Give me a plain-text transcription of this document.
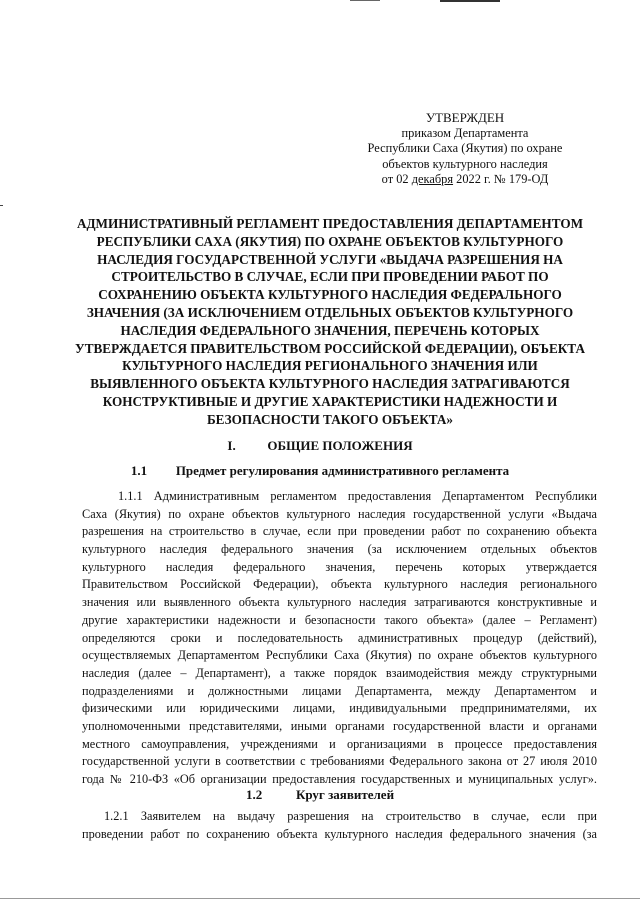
УТВЕРЖДЕН
приказом Департамента
Республики Саха (Якутия) по охране
объектов культурного наследия
от 02 декабря 2022 г. № 179-ОД
АДМИНИСТРАТИВНЫЙ РЕГЛАМЕНТ ПРЕДОСТАВЛЕНИЯ ДЕПАРТАМЕНТОМ
РЕСПУБЛИКИ САХА (ЯКУТИЯ) ПО ОХРАНЕ ОБЪЕКТОВ КУЛЬТУРНОГО
НАСЛЕДИЯ ГОСУДАРСТВЕННОЙ УСЛУГИ «ВЫДАЧА РАЗРЕШЕНИЯ НА
СТРОИТЕЛЬСТВО В СЛУЧАЕ, ЕСЛИ ПРИ ПРОВЕДЕНИИ РАБОТ ПО
СОХРАНЕНИЮ ОБЪЕКТА КУЛЬТУРНОГО НАСЛЕДИЯ ФЕДЕРАЛЬНОГО
ЗНАЧЕНИЯ (ЗА ИСКЛЮЧЕНИЕМ ОТДЕЛЬНЫХ ОБЪЕКТОВ КУЛЬТУРНОГО
НАСЛЕДИЯ ФЕДЕРАЛЬНОГО ЗНАЧЕНИЯ, ПЕРЕЧЕНЬ КОТОРЫХ
УТВЕРЖДАЕТСЯ ПРАВИТЕЛЬСТВОМ РОССИЙСКОЙ ФЕДЕРАЦИИ), ОБЪЕКТА
КУЛЬТУРНОГО НАСЛЕДИЯ РЕГИОНАЛЬНОГО ЗНАЧЕНИЯ ИЛИ
ВЫЯВЛЕННОГО ОБЪЕКТА КУЛЬТУРНОГО НАСЛЕДИЯ ЗАТРАГИВАЮТСЯ
КОНСТРУКТИВНЫЕ И ДРУГИЕ ХАРАКТЕРИСТИКИ НАДЕЖНОСТИ И
БЕЗОПАСНОСТИ ТАКОГО ОБЪЕКТА»
I. ОБЩИЕ ПОЛОЖЕНИЯ
1.1 Предмет регулирования административного регламента
1.1.1 Административным регламентом предоставления Департаментом Республики
Саха (Якутия) по охране объектов культурного наследия государственной услуги «Выдача
разрешения на строительство в случае, если при проведении работ по сохранению объекта
культурного наследия федерального значения (за исключением отдельных объектов
культурного наследия федерального значения, перечень которых утверждается
Правительством Российской Федерации), объекта культурного наследия регионального
значения или выявленного объекта культурного наследия затрагиваются конструктивные и
другие характеристики надежности и безопасности такого объекта» (далее – Регламент)
определяются сроки и последовательность административных процедур (действий),
осуществляемых Департаментом Республики Саха (Якутия) по охране объектов культурного
наследия (далее – Департамент), а также порядок взаимодействия между структурными
подразделениями и должностными лицами Департамента, между Департаментом и
физическими или юридическими лицами, индивидуальными предпринимателями, их
уполномоченными представителями, иными органами государственной власти и органами
местного самоуправления, учреждениями и организациями в процессе предоставления
государственной услуги в соответствии с требованиями Федерального закона от 27 июля 2010
года № 210-ФЗ «Об организации предоставления государственных и муниципальных услуг».
1.2	Круг заявителей
1.2.1 Заявителем на выдачу разрешения на строительство в случае, если при
проведении работ по сохранению объекта культурного наследия федерального значения (за
